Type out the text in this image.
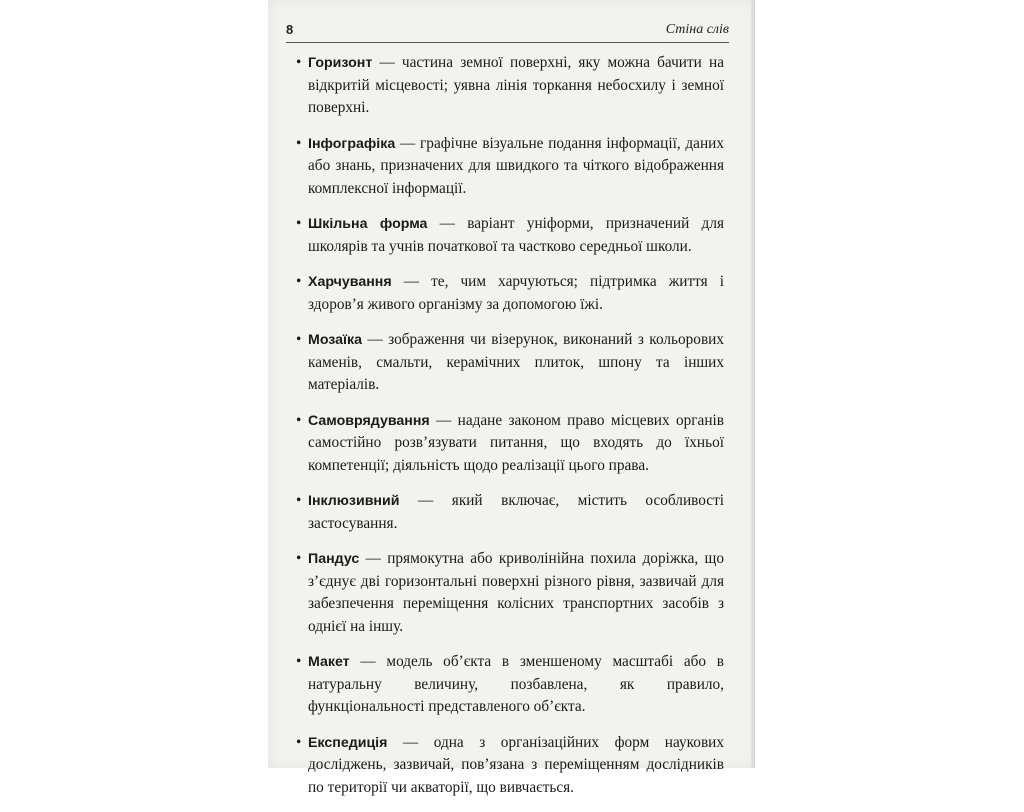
8	Стіна слів
• Горизонт — частина земної поверхні, яку можна бачити на відкритій місцевості; уявна лінія торкання небосхилу і земної поверхні.
• Інфографіка — графічне візуальне подання інформації, даних або знань, призначених для швидкого та чіткого відображення комплексної інформації.
• Шкільна форма — варіант уніформи, призначений для школярів та учнів початкової та частково середньої школи.
• Харчування — те, чим харчуються; підтримка життя і здоров’я живого організму за допомогою їжі.
• Мозаїка — зображення чи візерунок, виконаний з кольорових каменів, смальти, керамічних плиток, шпону та інших матеріалів.
• Самоврядування — надане законом право місцевих органів самостійно розв’язувати питання, що входять до їхньої компетенції; діяльність щодо реалізації цього права.
• Інклюзивний — який включає, містить особливості застосування.
• Пандус — прямокутна або криволінійна похила доріжка, що з’єднує дві горизонтальні поверхні різного рівня, зазвичай для забезпечення переміщення колісних транспортних засобів з однієї на іншу.
• Макет — модель об’єкта в зменшеному масштабі або в натуральну величину, позбавлена, як правило, функціональності представленого об’єкта.
• Експедиція — одна з організаційних форм наукових досліджень, зазвичай, пов’язана з переміщенням дослідників по території чи акваторії, що вивчається.
